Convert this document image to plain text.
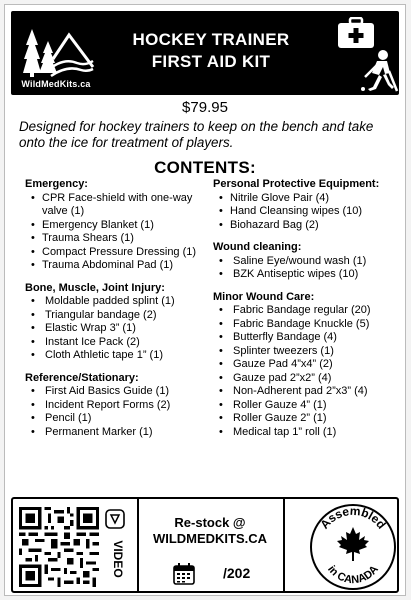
WildMedKits.ca
HOCKEY TRAINER
FIRST AID KIT
$79.95
Designed for hockey trainers to keep on the bench and take onto the ice for treatment of players.
CONTENTS:
Emergency:
• CPR Face-shield with one-way valve (1)
• Emergency Blanket (1)
• Trauma Shears (1)
• Compact Pressure Dressing (1)
• Trauma Abdominal Pad (1)
Bone, Muscle, Joint Injury:
• Moldable padded splint (1)
• Triangular bandage (2)
• Elastic Wrap 3” (1)
• Instant Ice Pack (2)
• Cloth Athletic tape 1” (1)
Reference/Stationary:
• First Aid Basics Guide (1)
• Incident Report Forms (2)
• Pencil (1)
• Permanent Marker (1)
Personal Protective Equipment:
• Nitrile Glove Pair (4)
• Hand Cleansing wipes (10)
• Biohazard Bag (2)
Wound cleaning:
• Saline Eye/wound wash (1)
• BZK Antiseptic wipes (10)
Minor Wound Care:
• Fabric Bandage regular (20)
• Fabric Bandage Knuckle (5)
• Butterfly Bandage (4)
• Splinter tweezers (1)
• Gauze Pad 4”x4” (2)
• Gauze pad 2”x2” (4)
• Non-Adherent pad 2”x3” (4)
• Roller Gauze 4” (1)
• Roller Gauze 2” (1)
• Medical tap 1” roll (1)
VIDEO
Re-stock @
WILDMEDKITS.CA
/202
Assembled
in CANADA
